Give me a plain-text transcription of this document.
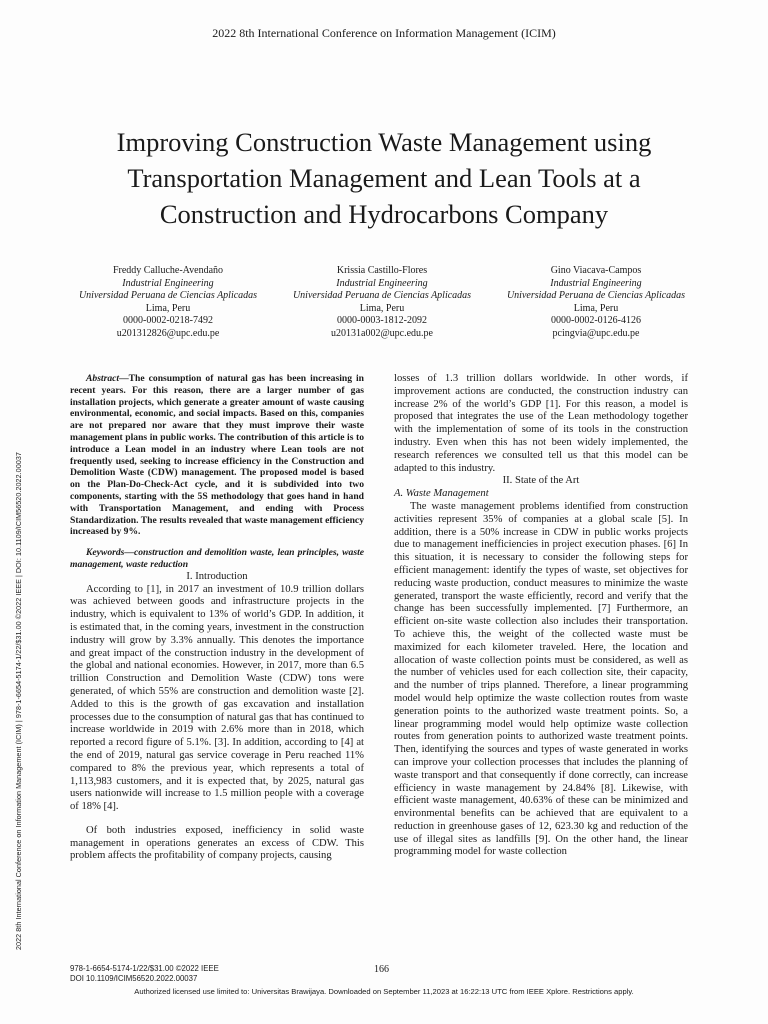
2022 8th International Conference on Information Management (ICIM)
Improving Construction Waste Management using
Transportation Management and Lean Tools at a
Construction and Hydrocarbons Company
Freddy Calluche-Avendaño
Industrial Engineering
Universidad Peruana de Ciencias Aplicadas
Lima, Peru
0000-0002-0218-7492
u201312826@upc.edu.pe
Krissia Castillo-Flores
Industrial Engineering
Universidad Peruana de Ciencias Aplicadas
Lima, Peru
0000-0003-1812-2092
u20131a002@upc.edu.pe
Gino Viacava-Campos
Industrial Engineering
Universidad Peruana de Ciencias Aplicadas
Lima, Peru
0000-0002-0126-4126
pcingvia@upc.edu.pe
2022 8th International Conference on Information Management (ICIM) | 978-1-6654-5174-1/22/$31.00 ©2022 IEEE | DOI: 10.1109/ICIM56520.2022.00037

Abstract—The consumption of natural gas has been increasing in recent years. For this reason, there are a larger number of gas installation projects, which generate a greater amount of waste causing environmental, economic, and social impacts. Based on this, companies are not prepared nor aware that they must improve their waste management plans in public works. The contribution of this article is to introduce a Lean model in an industry where Lean tools are not frequently used, seeking to increase efficiency in the Construction and Demolition Waste (CDW) management. The proposed model is based on the Plan-Do-Check-Act cycle, and it is subdivided into two components, starting with the 5S methodology that goes hand in hand with Transportation Management, and ending with Process Standardization. The results revealed that waste management efficiency increased by 9%.

Keywords—construction and demolition waste, lean principles, waste management, waste reduction

I. Introduction

According to [1], in 2017 an investment of 10.9 trillion dollars was achieved between goods and infrastructure projects in the industry, which is equivalent to 13% of world’s GDP. In addition, it is estimated that, in the coming years, investment in the construction industry will grow by 3.3% annually. This denotes the importance and great impact of the construction industry in the development of the global and national economies. However, in 2017, more than 6.5 trillion Construction and Demolition Waste (CDW) tons were generated, of which 55% are construction and demolition waste [2]. Added to this is the growth of gas excavation and installation processes due to the consumption of natural gas that has continued to increase worldwide in 2019 with 2.6% more than in 2018, which reported a record figure of 5.1%. [3]. In addition, according to [4] at the end of 2019, natural gas service coverage in Peru reached 11% compared to 8% the previous year, which represents a total of 1,113,983 customers, and it is expected that, by 2025, natural gas users nationwide will increase to 1.5 million people with a coverage of 18% [4].

Of both industries exposed, inefficiency in solid waste management in operations generates an excess of CDW. This problem affects the profitability of company projects, causing

losses of 1.3 trillion dollars worldwide. In other words, if improvement actions are conducted, the construction industry can increase 2% of the world’s GDP [1]. For this reason, a model is proposed that integrates the use of the Lean methodology together with the implementation of some of its tools in the construction industry. Even when this has not been widely implemented, the research references we consulted tell us that this model can be adapted to this industry.

II. State of the Art

A. Waste Management

The waste management problems identified from construction activities represent 35% of companies at a global scale [5]. In addition, there is a 50% increase in CDW in public works projects due to management inefficiencies in project execution phases. [6] In this situation, it is necessary to consider the following steps for efficient management: identify the types of waste, set objectives for reducing waste production, conduct measures to minimize the waste generated, transport the waste efficiently, record and verify that the change has been successfully implemented. [7] Furthermore, an efficient on-site waste collection also includes their transportation. To achieve this, the weight of the collected waste must be maximized for each kilometer traveled. Here, the location and allocation of waste collection points must be considered, as well as the number of vehicles used for each collection site, their capacity, and the number of trips planned. Therefore, a linear programming model would help optimize the waste collection routes from waste generation points to the authorized waste treatment points. So, a linear programming model would help optimize waste collection routes from generation points to authorized waste treatment points. Then, identifying the sources and types of waste generated in works can improve your collection processes that includes the planning of waste transport and that consequently if done correctly, can increase efficiency in waste management by 24.84% [8]. Likewise, with efficient waste management, 40.63% of these can be minimized and environmental benefits can be achieved that are equivalent to a reduction in greenhouse gases of 12, 623.30 kg and reduction of the use of illegal sites as landfills [9]. On the other hand, the linear programming model for waste collection

978-1-6654-5174-1/22/$31.00 ©2022 IEEE
DOI 10.1109/ICIM56520.2022.00037
166
Authorized licensed use limited to: Universitas Brawijaya. Downloaded on September 11,2023 at 16:22:13 UTC from IEEE Xplore. Restrictions apply.
